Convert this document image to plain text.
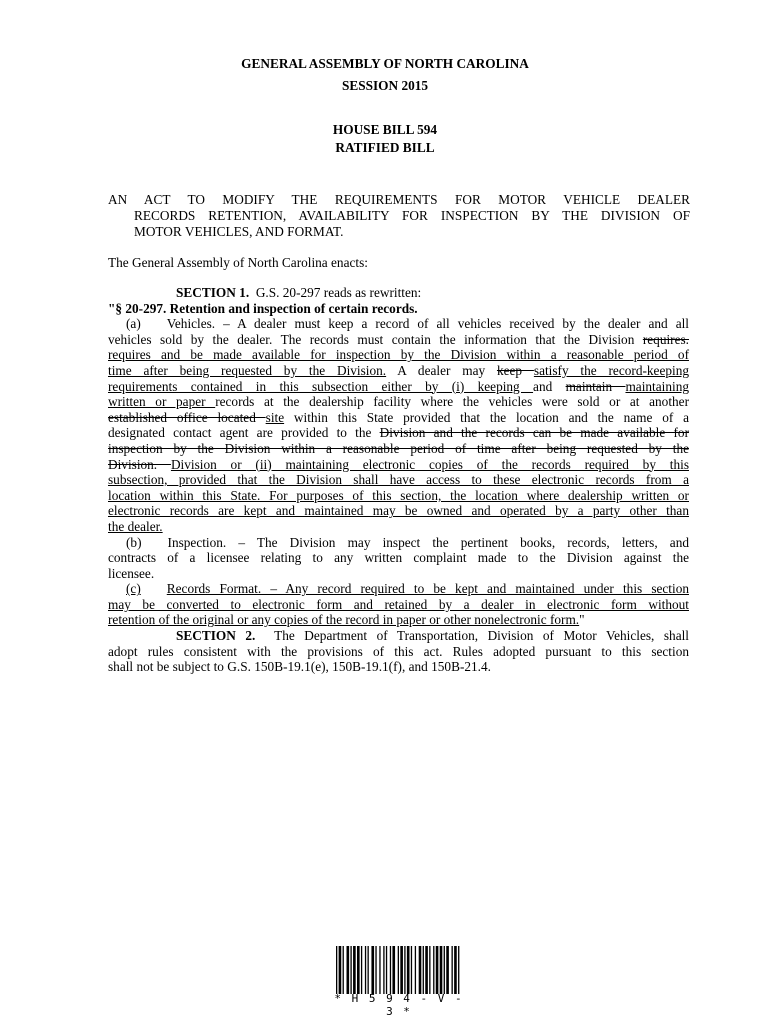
GENERAL ASSEMBLY OF NORTH CAROLINA
SESSION 2015
HOUSE BILL 594
RATIFIED BILL
AN ACT TO MODIFY THE REQUIREMENTS FOR MOTOR VEHICLE DEALER
RECORDS RETENTION, AVAILABILITY FOR INSPECTION BY THE DIVISION OF
MOTOR VEHICLES, AND FORMAT.
The General Assembly of North Carolina enacts:
SECTION 1. G.S. 20-297 reads as rewritten:
"§ 20-297. Retention and inspection of certain records.
(a) Vehicles. – A dealer must keep a record of all vehicles received by the dealer and all
vehicles sold by the dealer. The records must contain the information that the Division requires.
requires and be made available for inspection by the Division within a reasonable period of
time after being requested by the Division. A dealer may keep satisfy the record-keeping
requirements contained in this subsection either by (i) keeping and maintain maintaining
written or paper records at the dealership facility where the vehicles were sold or at another
established office located site within this State provided that the location and the name of a
designated contact agent are provided to the Division and the records can be made available for
inspection by the Division within a reasonable period of time after being requested by the
Division. Division or (ii) maintaining electronic copies of the records required by this
subsection, provided that the Division shall have access to these electronic records from a
location within this State. For purposes of this section, the location where dealership written or
electronic records are kept and maintained may be owned and operated by a party other than
the dealer.
(b) Inspection. – The Division may inspect the pertinent books, records, letters, and
contracts of a licensee relating to any written complaint made to the Division against the
licensee.
(c) Records Format. – Any record required to be kept and maintained under this section
may be converted to electronic form and retained by a dealer in electronic form without
retention of the original or any copies of the record in paper or other nonelectronic form."
SECTION 2. The Department of Transportation, Division of Motor Vehicles, shall
adopt rules consistent with the provisions of this act. Rules adopted pursuant to this section
shall not be subject to G.S. 150B-19.1(e), 150B-19.1(f), and 150B-21.4.
* H 5 9 4 - V - 3 *
